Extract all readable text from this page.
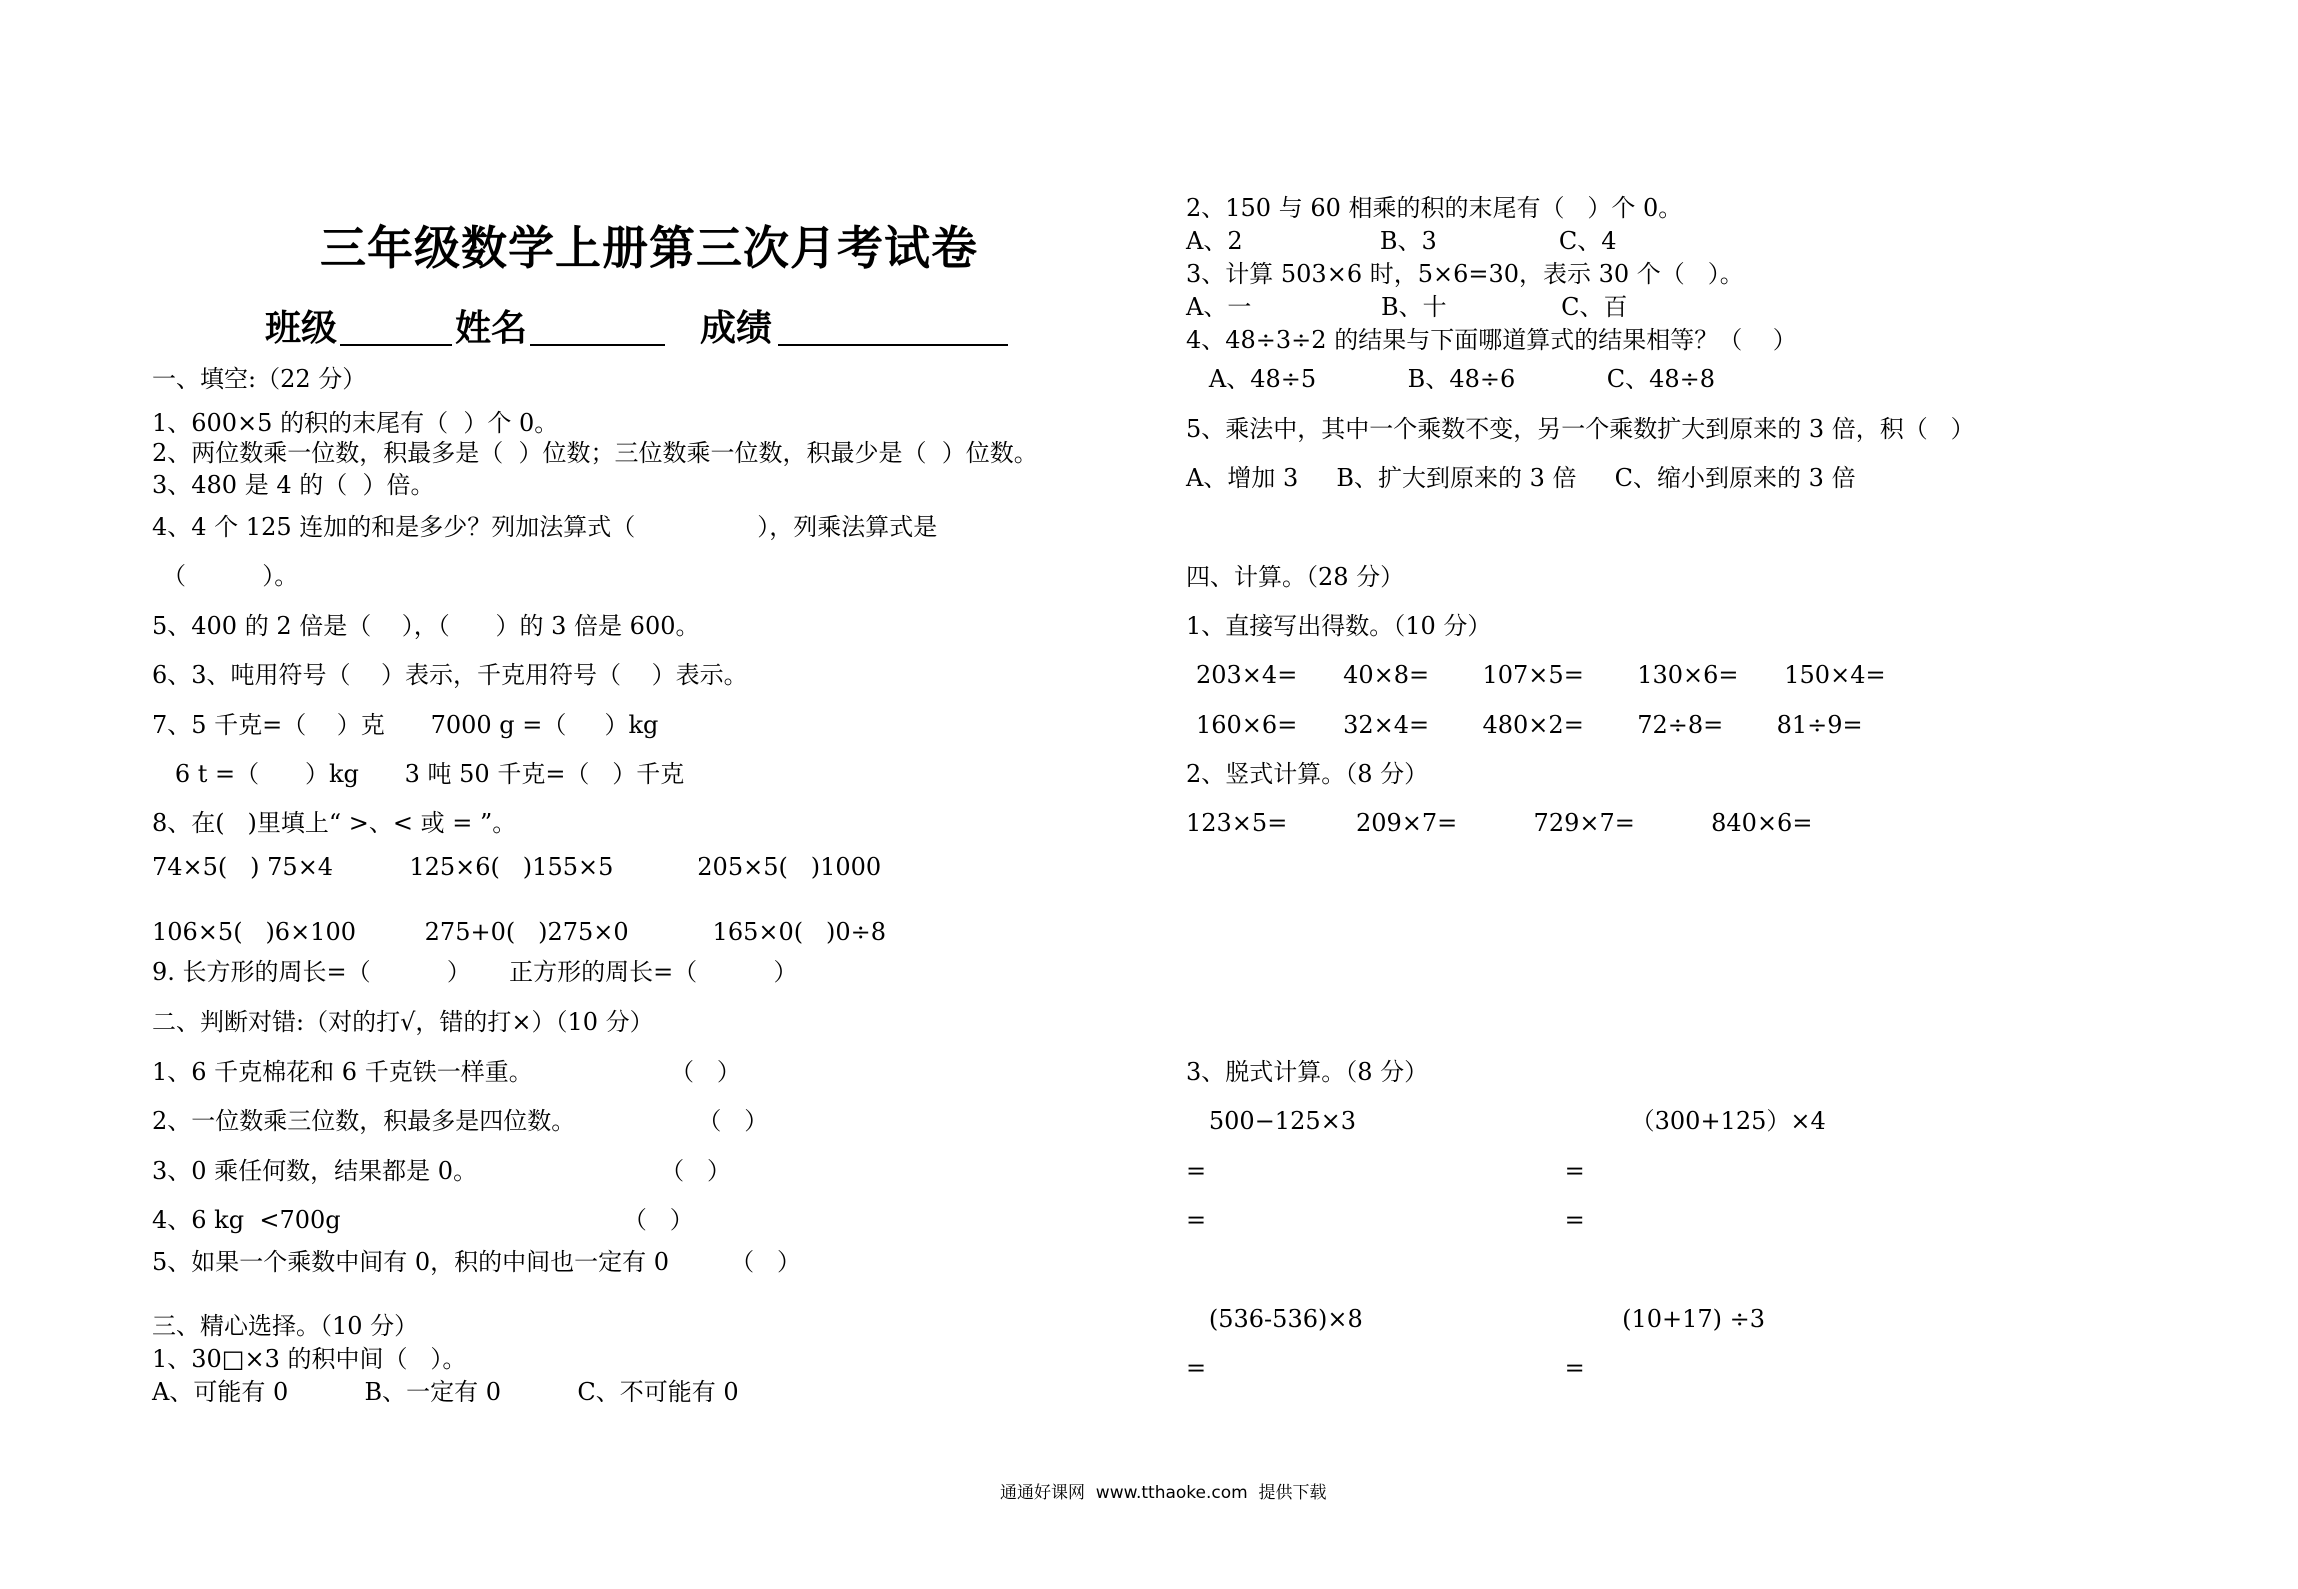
三年级数学上册第三次月考试卷
班级	姓名	成绩
一、填空:（22 分）
1、600×5 的积的末尾有（  ）个 0。
2、两位数乘一位数，积最多是（  ）位数；三位数乘一位数，积最少是（  ）位数。
3、480 是 4 的（  ）倍。
4、4 个 125 连加的和是多少？列加法算式（                ），列乘法算式是
（          ）。
5、400 的 2 倍是（    ），（      ）的 3 倍是 600。
6、3、吨用符号（    ）表示，千克用符号（    ）表示。
7、5 千克=（    ）克      7000 g =（     ）kg
6 t =（      ）kg      3 吨 50 千克=（   ）千克
8、在(   )里填上“ >、< 或 = ”。
74×5(   ) 75×4          125×6(   )155×5           205×5(   )1000
106×5(   )6×100         275+0(   )275×0           165×0(   )0÷8
9. 长方形的周长=（          ）     正方形的周长=（          ）
二、判断对错:（对的打√，错的打×）（10 分）
1、6 千克棉花和 6 千克铁一样重。                  （   ）
2、一位数乘三位数，积最多是四位数。                （   ）
3、0 乘任何数，结果都是 0。                        （   ）
4、6 kg  <700g                                     （   ）
5、如果一个乘数中间有 0，积的中间也一定有 0        （   ）
三、精心选择。（10 分）
1、30□×3 的积中间（   ）。
A、可能有 0          B、一定有 0          C、不可能有 0
2、150 与 60 相乘的积的末尾有（   ）个 0。
A、2                  B、3                C、4
3、计算 503×6 时，5×6=30，表示 30 个（   ）。
A、一                 B、十               C、百
4、48÷3÷2 的结果与下面哪道算式的结果相等？（    ）
A、48÷5            B、48÷6            C、48÷8
5、乘法中，其中一个乘数不变，另一个乘数扩大到原来的 3 倍，积（   ）
A、增加 3     B、扩大到原来的 3 倍     C、缩小到原来的 3 倍
四、计算。（28 分）
1、直接写出得数。（10 分）
203×4=      40×8=       107×5=       130×6=      150×4=
160×6=      32×4=       480×2=       72÷8=       81÷9=
2、竖式计算。（8 分）
123×5=         209×7=          729×7=          840×6=
3、脱式计算。（8 分）
500−125×3                                    （300+125）×4
=                                               =
=                                               =
(536-536)×8                                  (10+17) ÷3
=                                               =
通通好课网  www.tthaoke.com  提供下载
